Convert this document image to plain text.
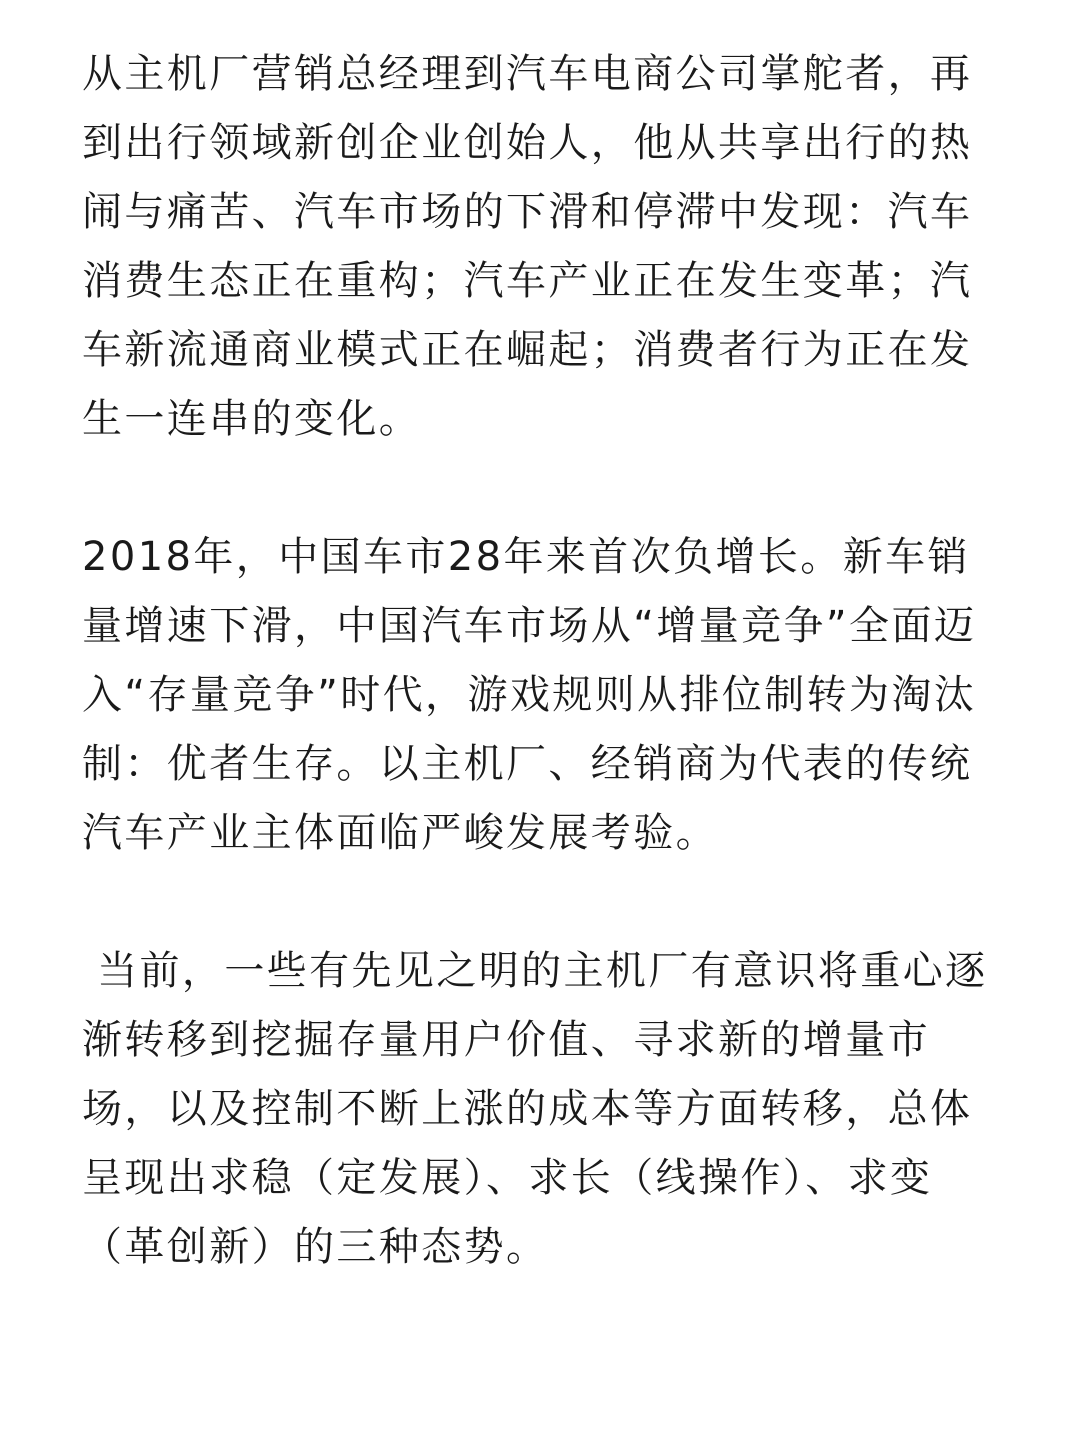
从主机厂营销总经理到汽车电商公司掌舵者，再到出行领域新创企业创始人，他从共享出行的热闹与痛苦、汽车市场的下滑和停滞中发现：汽车消费生态正在重构；汽车产业正在发生变革；汽车新流通商业模式正在崛起；消费者行为正在发生一连串的变化。

2018年，中国车市28年来首次负增长。新车销量增速下滑，中国汽车市场从“增量竞争”全面迈入“存量竞争”时代，游戏规则从排位制转为淘汰制：优者生存。以主机厂、经销商为代表的传统汽车产业主体面临严峻发展考验。

当前，一些有先见之明的主机厂有意识将重心逐渐转移到挖掘存量用户价值、寻求新的增量市场，以及控制不断上涨的成本等方面转移，总体呈现出求稳（定发展）、求长（线操作）、求变（革创新）的三种态势。
